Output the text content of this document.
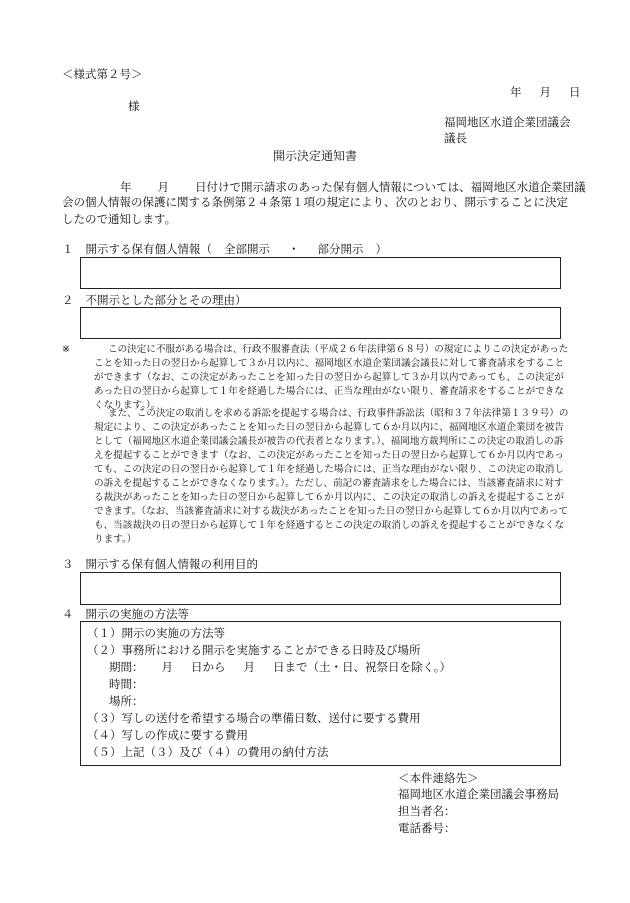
＜様式第２号＞
年 月 日
様
福岡地区水道企業団議会
議長
開示決定通知書
年 月 日付けで開示請求のあった保有個人情報については、福岡地区水道企業団議
会の個人情報の保護に関する条例第２４条第１項の規定により、次のとおり、開示することに決定したので通知します。
１ 開示する保有個人情報（ 全部開示 ・ 部分開示 ）
２ 不開示とした部分とその理由）
※	この決定に不服がある場合は、行政不服審査法（平成２６年法律第６８号）の規定によりこの決定があったことを知った日の翌日から起算して３か月以内に、福岡地区水道企業団議会議長に対して審査請求をすることができます（なお、この決定があったことを知った日の翌日から起算して３か月以内であっても、この決定があった日の翌日から起算して１年を経過した場合には、正当な理由がない限り、審査請求をすることができなくなります。）。
また、この決定の取消しを求める訴訟を提起する場合は、行政事件訴訟法（昭和３７年法律第１３９号）の規定により、この決定があったことを知った日の翌日から起算して６か月以内に、福岡地区水道企業団を被告として（福岡地区水道企業団議会議長が被告の代表者となります。）、福岡地方裁判所にこの決定の取消しの訴えを提起することができます（なお、この決定があったことを知った日の翌日から起算して６か月以内であっても、この決定の日の翌日から起算して１年を経過した場合には、正当な理由がない限り、この決定の取消しの訴えを提起することができなくなります。）。ただし、前記の審査請求をした場合には、当該審査請求に対する裁決があったことを知った日の翌日から起算して６か月以内に、この決定の取消しの訴えを提起することができます。（なお、当該審査請求に対する裁決があったことを知った日の翌日から起算して６か月以内であっても、当該裁決の日の翌日から起算して１年を経過するとこの決定の取消しの訴えを提起することができなくなります。）
３ 開示する保有個人情報の利用目的
４ 開示の実施の方法等
（１）開示の実施の方法等
（２）事務所における開示を実施することができる日時及び場所
期間： 月 日から 月 日まで（土・日、祝祭日を除く。）
時間：
場所：
（３）写しの送付を希望する場合の準備日数、送付に要する費用
（４）写しの作成に要する費用
（５）上記（３）及び（４）の費用の納付方法
＜本件連絡先＞
福岡地区水道企業団議会事務局
担当者名：
電話番号：
